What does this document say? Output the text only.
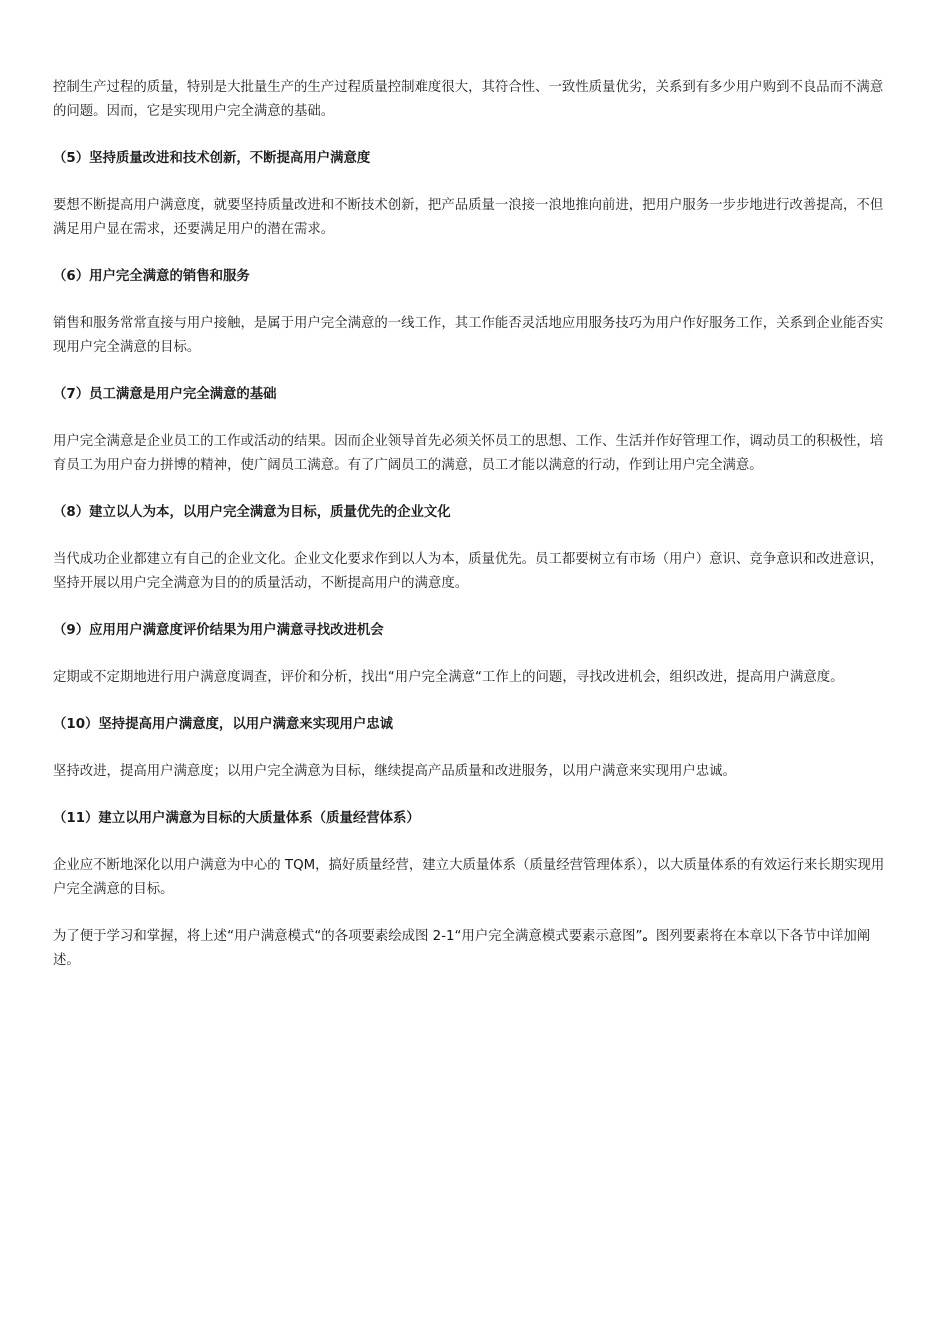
控制生产过程的质量，特别是大批量生产的生产过程质量控制难度很大，其符合性、一致性质量优劣，关系到有多少用户购到不良品而不满意的问题。因而，它是实现用户完全满意的基础。

（5）坚持质量改进和技术创新，不断提高用户满意度

要想不断提高用户满意度，就要坚持质量改进和不断技术创新，把产品质量一浪接一浪地推向前进，把用户服务一步步地进行改善提高，不但满足用户显在需求，还要满足用户的潜在需求。

（6）用户完全满意的销售和服务

销售和服务常常直接与用户接触，是属于用户完全满意的一线工作，其工作能否灵活地应用服务技巧为用户作好服务工作，关系到企业能否实现用户完全满意的目标。

（7）员工满意是用户完全满意的基础

用户完全满意是企业员工的工作或活动的结果。因而企业领导首先必须关怀员工的思想、工作、生活并作好管理工作，调动员工的积极性，培育员工为用户奋力拼博的精神，使广阔员工满意。有了广阔员工的满意，员工才能以满意的行动，作到让用户完全满意。

（8）建立以人为本，以用户完全满意为目标，质量优先的企业文化

当代成功企业都建立有自己的企业文化。企业文化要求作到以人为本，质量优先。员工都要树立有市场（用户）意识、竞争意识和改进意识，坚持开展以用户完全满意为目的的质量活动，不断提高用户的满意度。

（9）应用用户满意度评价结果为用户满意寻找改进机会

定期或不定期地进行用户满意度调查，评价和分析，找出“用户完全满意“工作上的问题，寻找改进机会，组织改进，提高用户满意度。

（10）坚持提高用户满意度，以用户满意来实现用户忠诚

坚持改进，提高用户满意度；以用户完全满意为目标，继续提高产品质量和改进服务，以用户满意来实现用户忠诚。

（11）建立以用户满意为目标的大质量体系（质量经营体系）

企业应不断地深化以用户满意为中心的 TQM，搞好质量经营，建立大质量体系（质量经营管理体系），以大质量体系的有效运行来长期实现用户完全满意的目标。

为了便于学习和掌握，将上述“用户满意模式“的各项要素绘成图 2-1“用户完全满意模式要素示意图”。图列要素将在本章以下各节中详加阐述。
